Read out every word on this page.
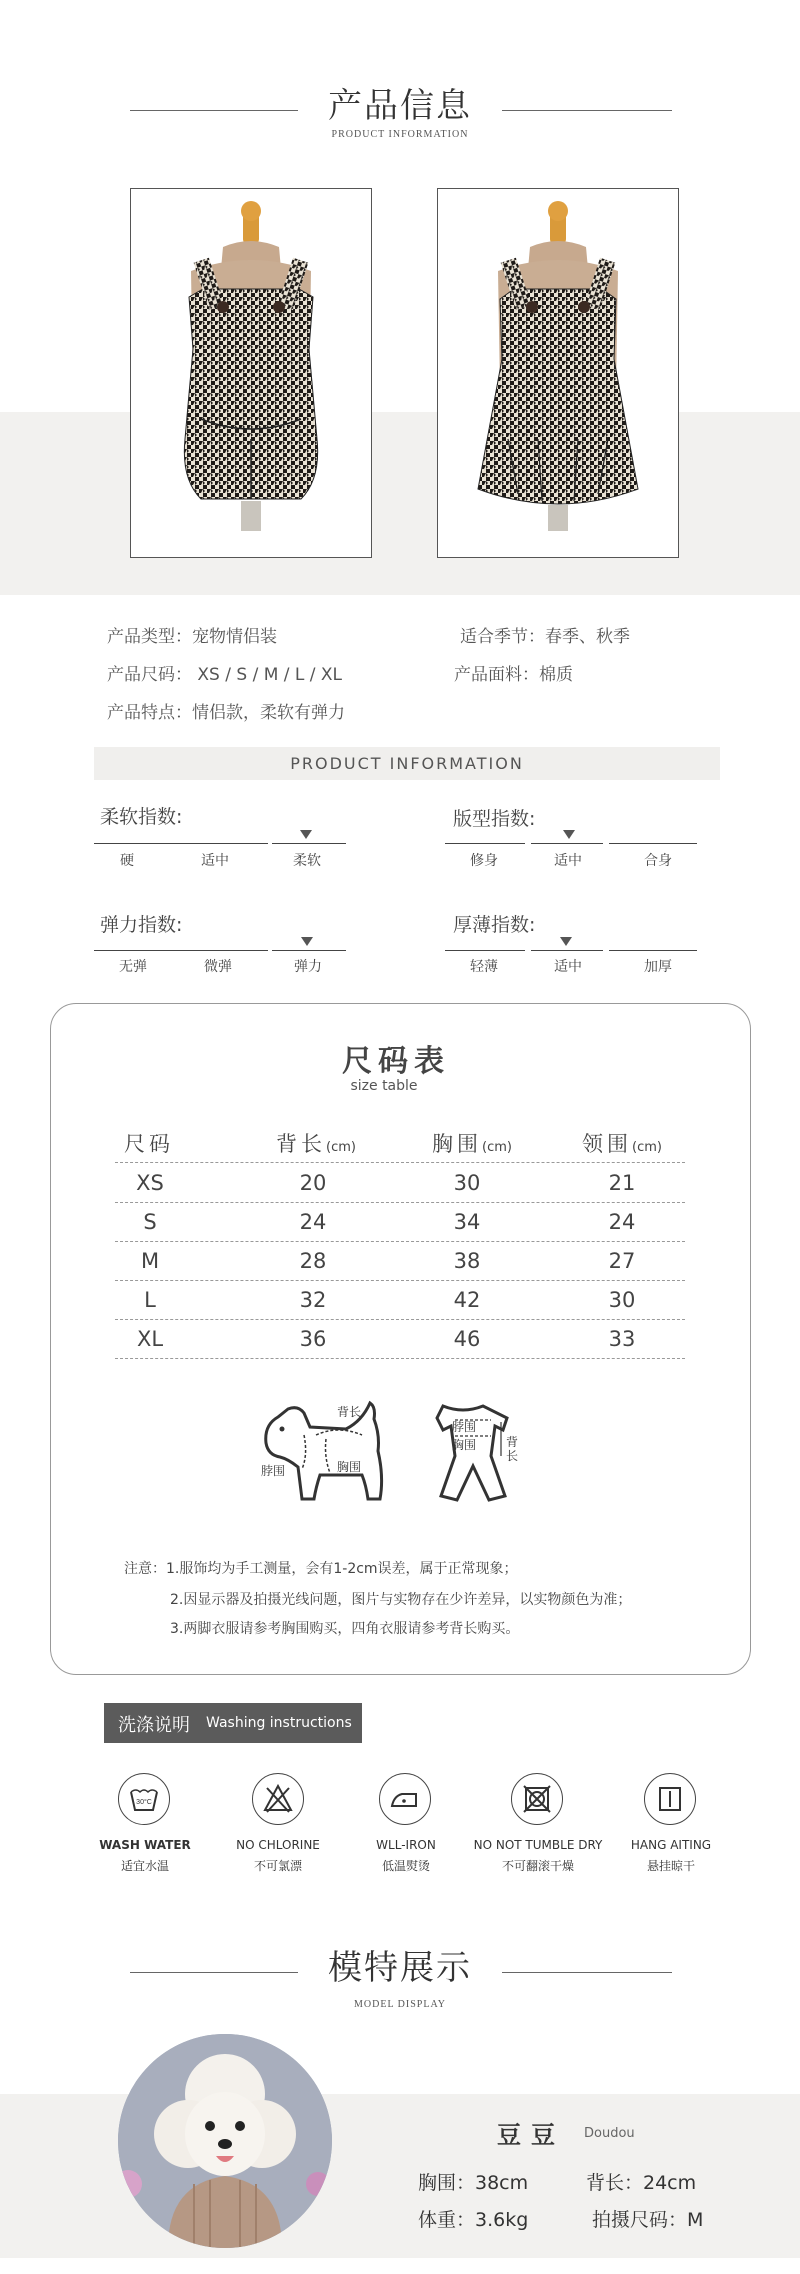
产品信息
PRODUCT INFORMATION
产品类型：宠物情侣装	适合季节：春季、秋季
产品尺码： XS / S / M / L / XL	产品面料：棉质
产品特点：情侣款，柔软有弹力
PRODUCT INFORMATION
柔软指数:
硬	适中	柔软
版型指数:
修身	适中	合身
弹力指数:
无弹	微弹	弹力
厚薄指数:
轻薄	适中	加厚
尺码表
size table
尺码	背长(cm)	胸围(cm)	领围(cm)
XS	20	30	21
S	24	34	24
M	28	38	27
L	32	42	30
XL	36	46	33
背长
脖围	胸围
脖围
胸围 背长
注意：1.服饰均为手工测量，会有1-2cm误差，属于正常现象；
2.因显示器及拍摄光线问题，图片与实物存在少许差异，以实物颜色为准；
3.两脚衣服请参考胸围购买，四角衣服请参考背长购买。
洗涤说明 Washing instructions
30°C
WASH WATER
适宜水温
NO CHLORINE
不可氯漂
WLL-IRON
低温熨烫
NO NOT TUMBLE DRY
不可翻滚干燥
HANG AITING
悬挂晾干
模特展示
MODEL DISPLAY
豆豆 Doudou
胸围：38cm	背长：24cm
体重：3.6kg	拍摄尺码：M
